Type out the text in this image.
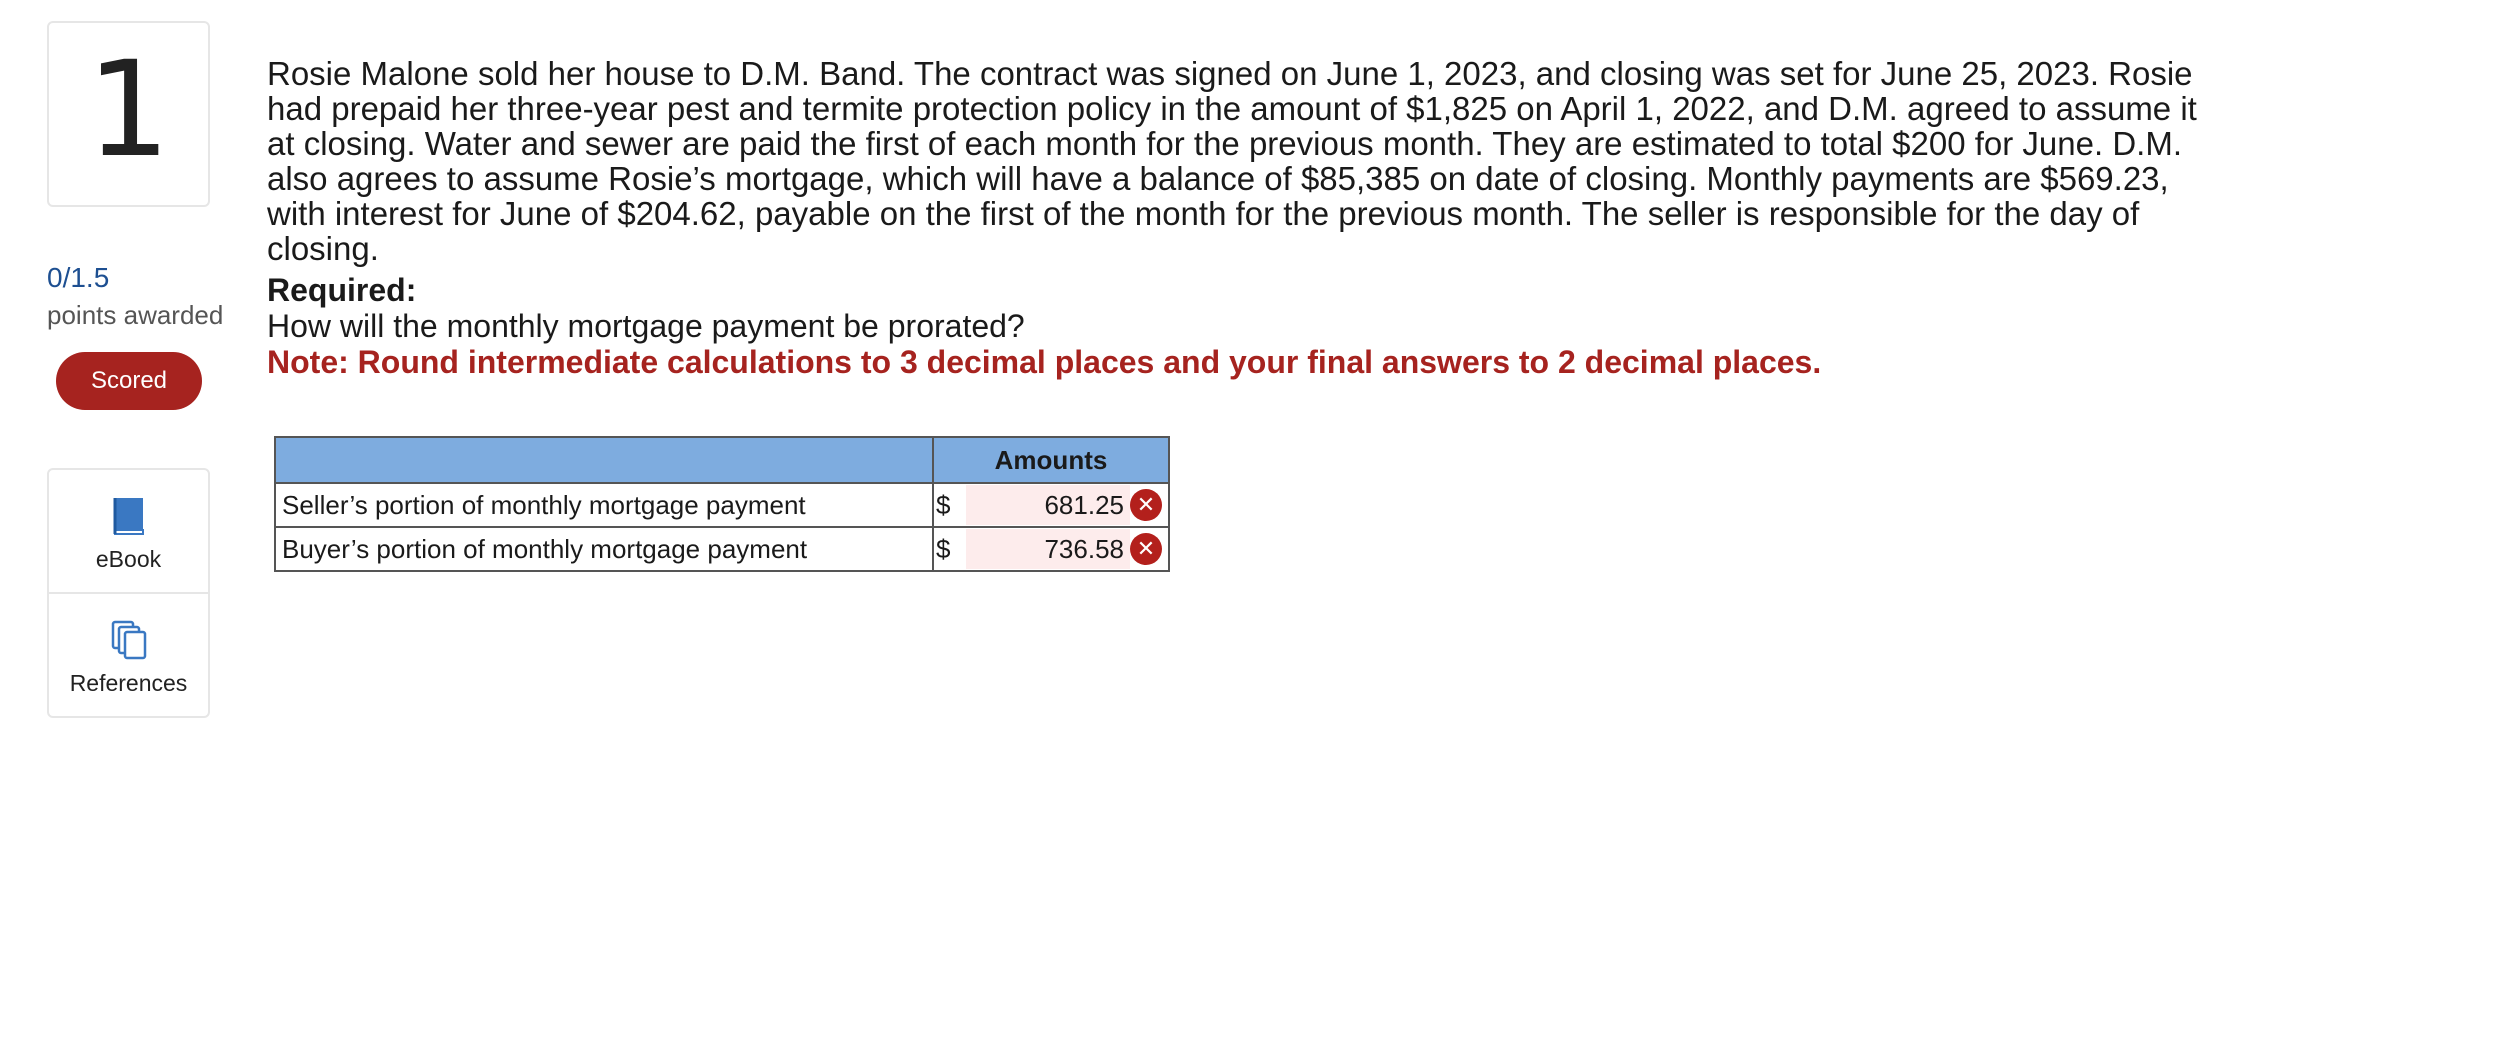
1
0/1.5
points awarded
Scored
eBook
References
Rosie Malone sold her house to D.M. Band. The contract was signed on June 1, 2023, and closing was set for June 25, 2023. Rosie had prepaid her three-year pest and termite protection policy in the amount of $1,825 on April 1, 2022, and D.M. agreed to assume it at closing. Water and sewer are paid the first of each month for the previous month. They are estimated to total $200 for June. D.M. also agrees to assume Rosie’s mortgage, which will have a balance of $85,385 on date of closing. Monthly payments are $569.23, with interest for June of $204.62, payable on the first of the month for the previous month. The seller is responsible for the day of closing.
Required:
How will the monthly mortgage payment be prorated?
Note: Round intermediate calculations to 3 decimal places and your final answers to 2 decimal places.
	Amounts
Seller’s portion of monthly mortgage payment	$ 681.25 ✕

Buyer’s portion of monthly mortgage payment	$ 736.58 ✕
